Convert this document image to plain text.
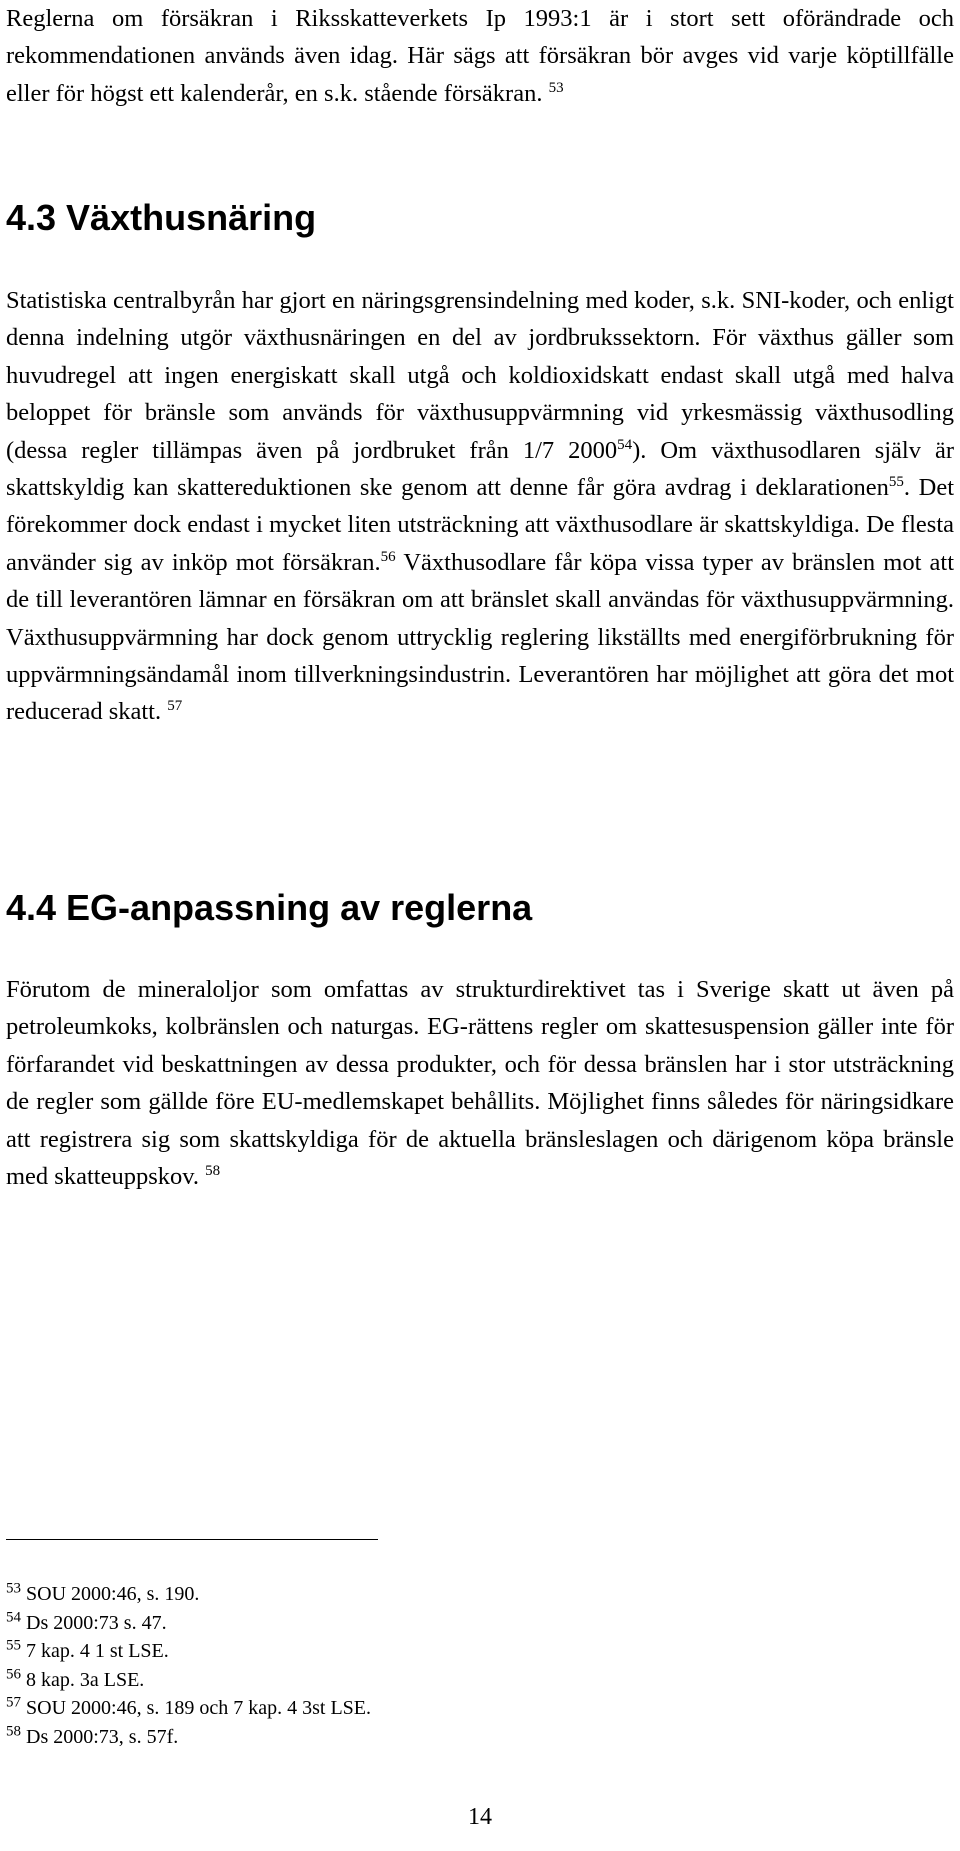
Reglerna om försäkran i Riksskatteverkets Ip 1993:1 är i stort sett oförändrade och rekommendationen används även idag. Här sägs att försäkran bör avges vid varje köptillfälle eller för högst ett kalenderår, en s.k. stående försäkran. $^{53}$

4.3 Växthusnäring

Statistiska centralbyrån har gjort en näringsgrensindelning med koder, s.k. SNI-koder, och enligt denna indelning utgör växthusnäringen en del av jordbrukssektorn. För växthus gäller som huvudregel att ingen energiskatt skall utgå och koldioxidskatt endast skall utgå med halva beloppet för bränsle som används för växthusuppvärmning vid yrkesmässig växthusodling (dessa regler tillämpas även på jordbruket från 1/7 2000$^{54}$). Om växthusodlaren själv är skattskyldig kan skattereduktionen ske genom att denne får göra avdrag i deklarationen$^{55}$. Det förekommer dock endast i mycket liten utsträckning att växthusodlare är skattskyldiga. De flesta använder sig av inköp mot försäkran.$^{56}$ Växthusodlare får köpa vissa typer av bränslen mot att de till leverantören lämnar en försäkran om att bränslet skall användas för växthusuppvärmning. Växthusuppvärmning har dock genom uttrycklig reglering likställts med energiförbrukning för uppvärmningsändamål inom tillverkningsindustrin. Leverantören har möjlighet att göra det mot reducerad skatt. $^{57}$

4.4 EG-anpassning av reglerna

Förutom de mineraloljor som omfattas av strukturdirektivet tas i Sverige skatt ut även på petroleumkoks, kolbränslen och naturgas. EG-rättens regler om skattesuspension gäller inte för förfarandet vid beskattningen av dessa produkter, och för dessa bränslen har i stor utsträckning de regler som gällde före EU-medlemskapet behållits. Möjlighet finns således för näringsidkare att registrera sig som skattskyldiga för de aktuella bränsleslagen och därigenom köpa bränsle med skatteuppskov. $^{58}$

$^{53}$ SOU 2000:46, s. 190.
$^{54}$ Ds 2000:73 s. 47.
$^{55}$ 7 kap. 4 1 st LSE.
$^{56}$ 8 kap. 3a LSE.
$^{57}$ SOU 2000:46, s. 189 och 7 kap. 4 3st LSE.
$^{58}$ Ds 2000:73, s. 57f.
14
